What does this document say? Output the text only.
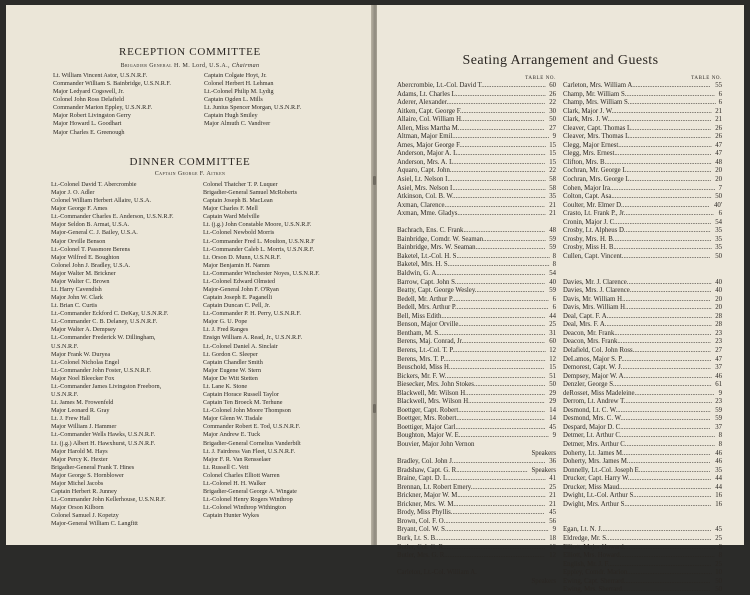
RECEPTION COMMITTEE
Brigadier General H. M. Lord, U.S.A., Chairman
Lt. William Vincent Astor, U.S.N.R.F.
Commander William S. Bainbridge, U.S.N.R.F.
Major Ledyard Cogswell, Jr.
Colonel John Ross Delafield
Commander Marion Eppley, U.S.N.R.F.
Major Robert Livingston Gerry
Major Howard L. Goodhart
Major Charles E. Greenough
Captain Colgate Hoyt, Jr.
Colonel Herbert H. Lehman
Lt.-Colonel Philip M. Lydig
Captain Ogden L. Mills
Lt. Junius Spencer Morgan, U.S.N.R.F.
Captain Hugh Smiley
Major Almuth C. Vandiver
DINNER COMMITTEE
Captain George F. Aitken
Lt.-Colonel David T. Abercrombie
Major J. O. Adler
Colonel William Herbert Allaire, U.S.A.
Major George F. Ames
Lt.-Commander Charles E. Anderson, U.S.N.R.F.
Major Seldon B. Armat, U.S.A.
Major-General C. J. Bailey, U.S.A.
Major Orville Benson
Lt.-Colonel T. Passmore Berens
Major Wilfred E. Boughton
Colonel John J. Bradley, U.S.A.
Major Walter M. Brickner
Major Walter C. Brown
Lt. Harry Cavendish
Major John W. Clark
Lt. Brian C. Curtis
Lt.-Commander Eckford C. DeKay, U.S.N.R.F.
Lt.-Commander C. B. Delaney, U.S.N.R.F.
Major Walter A. Dempsey
Lt.-Commander Frederick W. Dillingham,
U.S.N.R.F.
Major Frank W. Duryea
Lt.-Colonel Nicholas Engel
Lt.-Commander John Foster, U.S.N.R.F.
Major Noel Bleecker Fox
Lt.-Commander James Livingston Freeborn,
U.S.N.R.F.
Lt. James M. Frowenfeld
Major Leonard R. Gray
Lt. J. Frew Hall
Major William J. Hammer
Lt.-Commander Wells Hawks, U.S.N.R.F.
Lt. (j.g.) Albert H. Hawxhurst, U.S.N.R.F.
Major Harold M. Hays
Major Percy K. Hexter
Brigadier-General Frank T. Hines
Major George S. Hornblower
Major Michel Jacobs
Captain Herbert R. Junney
Lt.-Commander John Kellerhouse, U.S.N.R.F.
Major Orson Kilborn
Colonel Samuel J. Kopetzy
Major-General William C. Langfitt
Colonel Thatcher T. P. Luquer
Brigadier-General Samuel McRoberts
Captain Joseph B. MacLean
Major Charles F. Mell
Captain Ward Melville
Lt. (j.g.) John Constable Moore, U.S.N.R.F.
Lt.-Colonel Newbold Morris
Lt.-Commander Fred L. Moulton, U.S.N.R.F
Lt.-Commander Caleb L. Morris, U.S.N.R.F.
Lt. Orson D. Munn, U.S.N.R.F.
Major Benjamin H. Namm
Lt.-Commander Winchester Noyes, U.S.N.R.F.
Lt.-Colonel Edward Olmsted
Major-General John F. O'Ryan
Captain Joseph E. Paganelli
Captain Duncan C. Pell, Jr.
Lt.-Commander P. H. Perry, U.S.N.R.F.
Major G. U. Pope
Lt. J. Fred Ranges
Ensign William A. Read, Jr., U.S.N.R.F.
Lt.-Colonel Daniel A. Sinclair
Lt. Gordon C. Sleeper
Captain Chandler Smith
Major Eugene W. Stern
Major De Witt Stetten
Lt. Lane K. Stone
Captain Horace Russell Taylor
Captain Ten Broeck M. Terhune
Lt.-Colonel John Moore Thompson
Major Glenn W. Tisdale
Commander Robert E. Tod, U.S.N.R.F.
Major Andrew E. Tuck
Brigadier-General Cornelius Vanderbilt
Lt. J. Fairdress Van Fleet, U.S.N.R.F.
Major F. R. Van Rensselaer
Lt. Russell C. Veit
Colonel Charles Elliott Warren
Lt.-Colonel H. H. Walker
Brigadier-General George A. Wingate
Lt.-Colonel Henry Rogers Winthrop
Lt.-Colonel Winthrop Withington
Captain Hunter Wykes
Seating Arrangement and Guests
TABLE NO.
Abercrombie, Lt.-Col. David T...................................... 60
Adams, Lt. Charles L..................................................... 26
Aderer, Alexander.......................................................... 22
Aitken, Capt. George F.................................................. 30
Allaire, Col. William H................................................. 50
Allen, Miss Martha M................................................... 27
Altman, Major Emil......................................................... 9
Ames, Major George F................................................... 15
Anderson, Major A. L.................................................... 15
Anderson, Mrs. A. L...................................................... 15
Aquaro, Capt. John........................................................ 22
Asiel, Lt. Nelson I.......................................................... 58
Asiel, Mrs. Nelson I....................................................... 58
Atkinson, Col. B. W....................................................... 35
Axman, Clarence........................................................... 21
Axman, Mme. Gladys.................................................... 21
Bachrach, Ens. C. Frank................................................ 48
Bainbridge, Comdr. W. Seaman..................................... 59
Bainbridge, Mrs. W. Seaman......................................... 59
Baketel, Lt.-Col. H. S....................................................... 8
Baketel, Mrs. H. S............................................................ 8
Baldwin, G. A................................................................ 54
Barrow, Capt. John S..................................................... 40
Beatty, Capt. George Wesley......................................... 59
Bedell, Mr. Arthur P......................................................... 6
Bedell, Mrs. Arthur P....................................................... 6
Bell, Miss Edith............................................................. 44
Benson, Major Orville................................................... 25
Bentham, M. S............................................................... 31
Berens, Maj. Conrad, Jr................................................. 60
Berens, Lt.-Col. T. P....................................................... 12
Berens, Mrs. T. P............................................................ 12
Beuschold, Miss H........................................................ 15
Bickers, Mr. F. W........................................................... 51
Biesecker, Mrs. John Stokes.......................................... 50
Blackwell, Mr. Wilson H............................................... 29
Blackwell, Mrs. Wilson H............................................. 29
Boettger, Capt. Robert................................................... 14
Boettger, Mrs. Robert.................................................... 14
Boettiger, Major Carl..................................................... 45
Boughton, Major W. E..................................................... 9
Bouvier, Major John Vernon
Speakers
Bradley, Col. John J....................................................... 36
Bradshaw, Capt. G. R.......................................... Speakers
Braine, Capt. D. L.......................................................... 41
Brennan, Lt. Robert Emery............................................ 25
Brickner, Major W. M.................................................... 21
Brickner, Mrs. W. M...................................................... 21
Brody, Miss Phyllis....................................................... 45
Brown, Col. F. O............................................................ 56
Bryant, Col. W. S............................................................. 9
Burk, Lt. S. B................................................................. 18
Butler, Col. G. R............................................................ 12
Butler, Mrs. G. R........................................................... 12
Carleton, Lt.-Col. William A.
Speakers
TABLE NO.
Carleton, Mrs. William A.............................................. 55
Champ, Mr. William S..................................................... 6
Champ, Mrs. William S.................................................... 6
Clark, Major J. W........................................................... 21
Clark, Mrs. J. W............................................................. 21
Cleaver, Capt. Thomas L............................................... 26
Cleaver, Mrs. Thomas L................................................ 26
Clegg, Major Ernest....................................................... 47
Clegg, Mrs. Ernest......................................................... 47
Clifton, Mrs. B............................................................... 48
Cochran, Mr. George L.................................................. 20
Cochran, Mrs. George L................................................ 20
Cohen, Major Ira.............................................................. 7
Colton, Capt. Asa........................................................... 50
Coulter, Mr. Elmer D.................................................... 40'
Crasto, Lt. Frank P., Jr..................................................... 6
Cronin, Major J. C......................................................... 54
Crosby, Lt. Alpheus D................................................... 35
Crosby, Mrs. H. B.......................................................... 35
Crosby, Miss H. B.......................................................... 35
Cullen, Capt. Vincent.................................................... 50
Davies, Mr. J. Clarence.................................................. 40
Davies, Mrs. J. Clarence................................................ 40
Davis, Mr. William H.................................................... 20
Davis, Mrs. William H................................................... 20
Deal, Capt. F. A.............................................................. 28
Deal, Mrs. F. A............................................................... 28
Deacon, Mr. Frank......................................................... 23
Deacon, Mrs. Frank....................................................... 23
Delafield, Col. John Ross.............................................. 27
DeLamos, Major S. P..................................................... 47
Demorest, Capt. W. J..................................................... 37
Dempsey, Major W. A.................................................... 46
Denzler, George S.......................................................... 61
deRosset, Miss Madeleine............................................... 9
Derrom, Lt. Andrew T.................................................... 23
Desmond, Lt. C. W........................................................ 59
Desmond, Mrs. C. W..................................................... 59
Despard, Major D. C..................................................... 37
Detmer, Lt. Arthur C........................................................ 8
Detmer, Mrs. Arthur C..................................................... 8
Doherty, Lt. James M.................................................... 46
Doherty, Mrs. James M................................................. 46
Donnelly, Lt.-Col. Joseph E.......................................... 35
Drucker, Capt. Harry W................................................. 44
Drucker, Miss Maud...................................................... 44
Dwight, Lt.-Col. Arthur S.............................................. 16
Dwight, Mrs. Arthur S................................................... 16
Egan, Lt. N. J................................................................. 45
Eldredge, Mr. S.............................................................. 25
Elliott, Major Howard...................................................... 8
Elliott, Mrs. Howard........................................................ 8
English, Mr. J. F............................................................. 25
Eppley, Comdr. Marion.................................................. 10
Ewing, Capt. Sherrard................................................... 50
Ewing, Mrs. Sherrard.................................................... 50
